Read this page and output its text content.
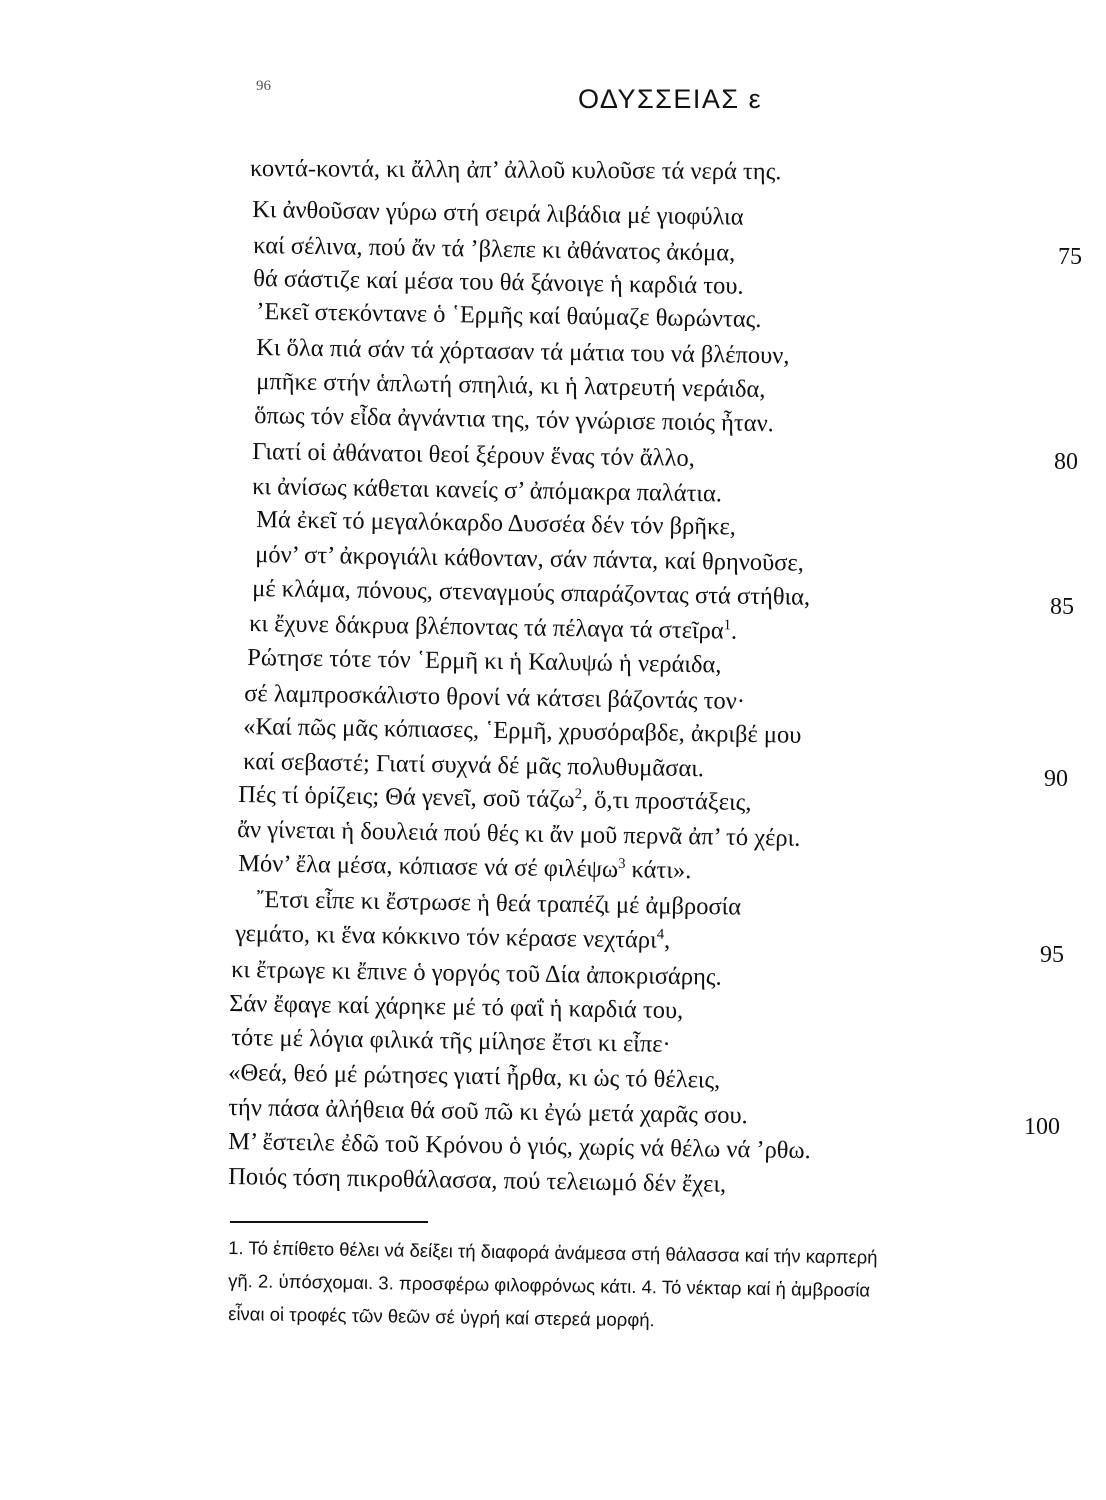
96	ΟΔΥΣΣΕΙΑΣ ε
κοντά-κοντά, κι ἄλλη ἀπ’ ἀλλοῦ κυλοῦσε τά νερά της.
Κι ἀνθοῦσαν γύρω στή σειρά λιβάδια μέ γιοφύλια
καί σέλινα, πού ἄν τά ’βλεπε κι ἀθάνατος ἀκόμα,
θά σάστιζε καί μέσα του θά ξάνοιγε ἡ καρδιά του.
’Εκεῖ στεκόντανε ὁ ῾Ερμῆς καί θαύμαζε θωρώντας.
Κι ὅλα πιά σάν τά χόρτασαν τά μάτια του νά βλέπουν,
μπῆκε στήν ἁπλωτή σπηλιά, κι ἡ λατρευτή νεράιδα,
ὅπως τόν εἶδα ἀγνάντια της, τόν γνώρισε ποιός ἦταν.
Γιατί οἱ ἀθάνατοι θεοί ξέρουν ἕνας τόν ἄλλο,
κι ἀνίσως κάθεται κανείς σ’ ἀπόμακρα παλάτια.
Μά ἐκεῖ τό μεγαλόκαρδο Δυσσέα δέν τόν βρῆκε,
μόν’ στ’ ἀκρογιάλι κάθονταν, σάν πάντα, καί θρηνοῦσε,
μέ κλάμα, πόνους, στεναγμούς σπαράζοντας στά στήθια,
κι ἔχυνε δάκρυα βλέποντας τά πέλαγα τά στεῖρα$^1$.
Ρώτησε τότε τόν ῾Ερμῆ κι ἡ Καλυψώ ἡ νεράιδα,
σέ λαμπροσκάλιστο θρονί νά κάτσει βάζοντάς τον·
«Καί πῶς μᾶς κόπιασες, ῾Ερμῆ, χρυσόραβδε, ἀκριβέ μου
καί σεβαστέ; Γιατί συχνά δέ μᾶς πολυθυμᾶσαι.
Πές τί ὁρίζεις; Θά γενεῖ, σοῦ τάζω$^2$, ὅ,τι προστάξεις,
ἄν γίνεται ἡ δουλειά πού θές κι ἄν μοῦ περνᾶ ἀπ’ τό χέρι.
Μόν’ ἔλα μέσα, κόπιασε νά σέ φιλέψω$^3$ κάτι».
῎Ετσι εἶπε κι ἔστρωσε ἡ θεά τραπέζι μέ ἀμβροσία
γεμάτο, κι ἕνα κόκκινο τόν κέρασε νεχτάρι$^4$,
κι ἔτρωγε κι ἔπινε ὁ γοργός τοῦ Δία ἀποκρισάρης.
Σάν ἔφαγε καί χάρηκε μέ τό φαΐ ἡ καρδιά του,
τότε μέ λόγια φιλικά τῆς μίλησε ἔτσι κι εἶπε·
«Θεά, θεό μέ ρώτησες γιατί ἦρθα, κι ὡς τό θέλεις,
τήν πάσα ἀλήθεια θά σοῦ πῶ κι ἐγώ μετά χαρᾶς σου.
Μ’ ἔστειλε ἐδῶ τοῦ Κρόνου ὁ γιός, χωρίς νά θέλω νά ’ρθω.
Ποιός τόση πικροθάλασσα, πού τελειωμό δέν ἔχει,
75
80
85
90
95
100
1. Τό ἐπίθετο θέλει νά δείξει τή διαφορά ἀνάμεσα στή θάλασσα καί τήν καρπερή
γῆ. 2. ὑπόσχομαι. 3. προσφέρω φιλοφρόνως κάτι. 4. Τό νέκταρ καί ἡ ἀμβροσία
εἶναι οἱ τροφές τῶν θεῶν σέ ὑγρή καί στερεά μορφή.
